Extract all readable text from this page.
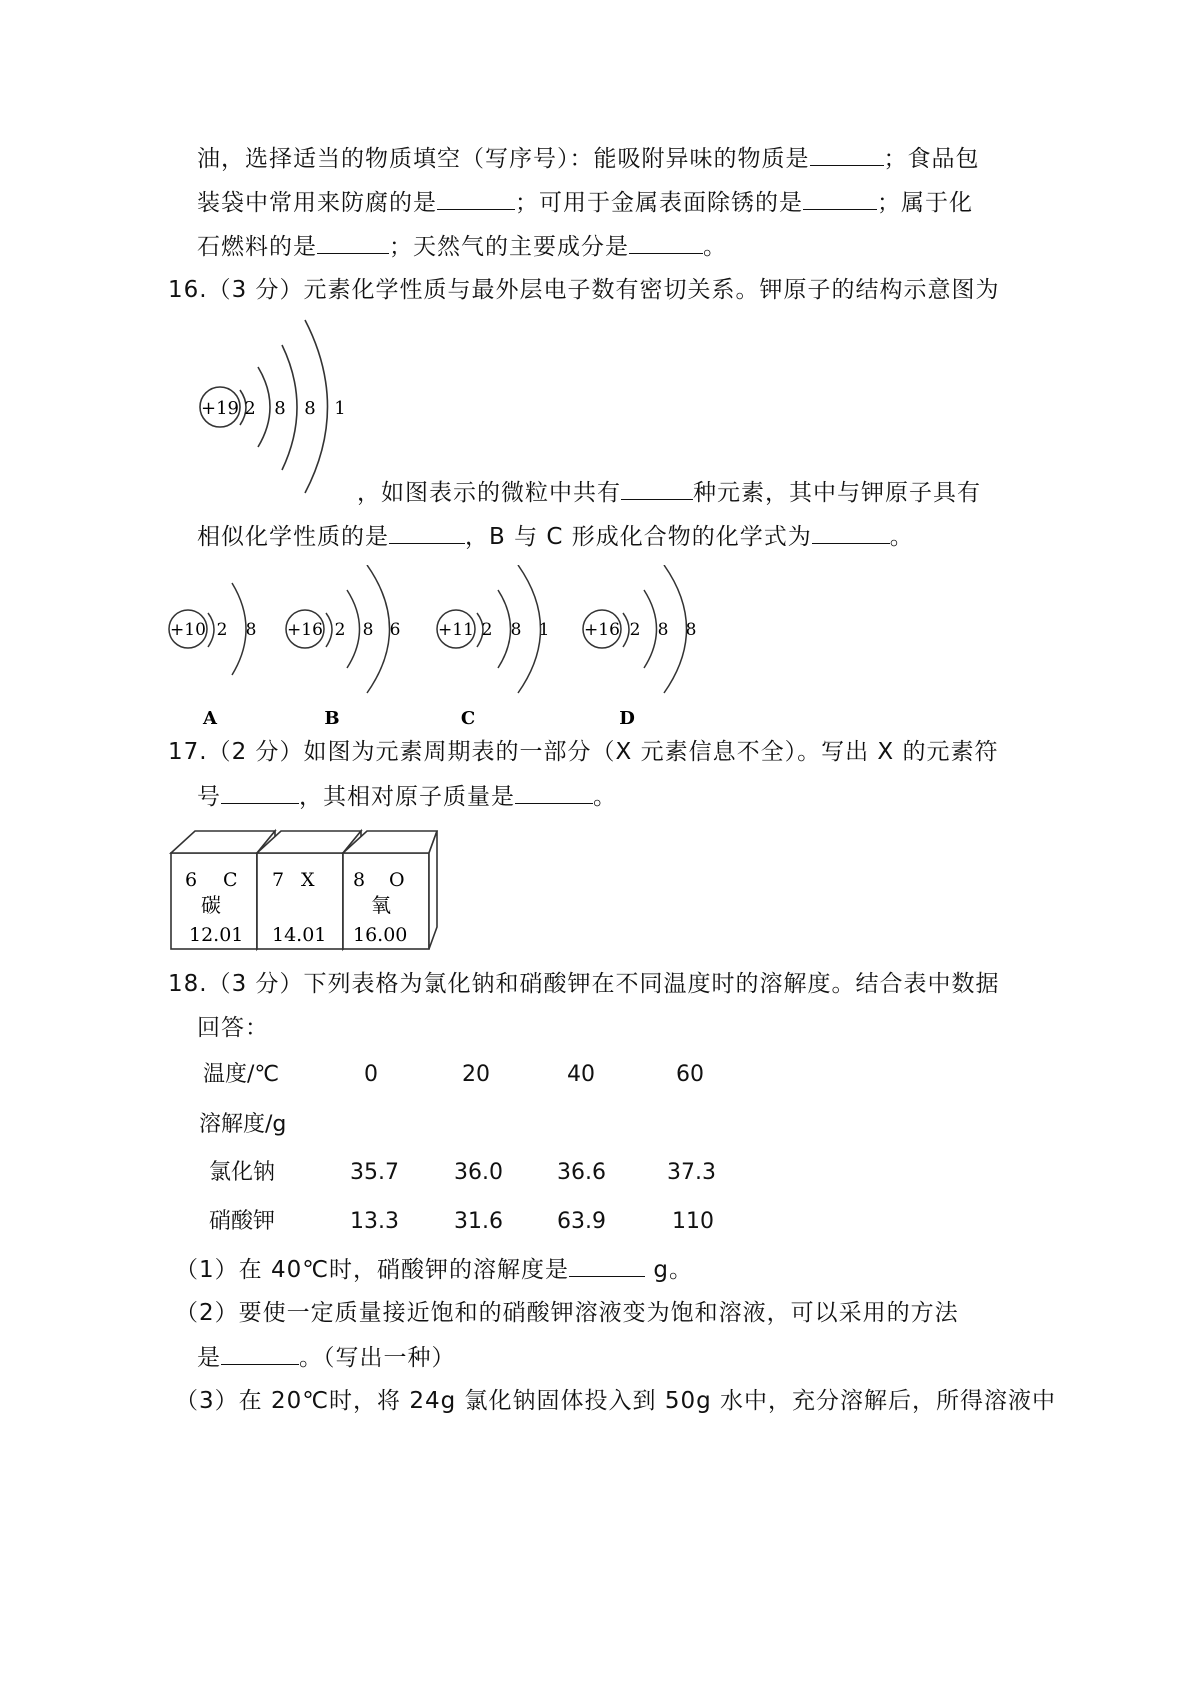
油，选择适当的物质填空（写序号）：能吸附异味的物质是	；食品包
装袋中常用来防腐的是	；可用于金属表面除锈的是	；属于化
石燃料的是	；天然气的主要成分是	。
16.（3 分）元素化学性质与最外层电子数有密切关系。钾原子的结构示意图为
+19 2 8 8 1
，如图表示的微粒中共有	种元素，其中与钾原子具有
相似化学性质的是	，B 与 C 形成化合物的化学式为	。
+10 2 8
A
+16 2 8 6
B
+11 2 8 1
C
+16 2 8 8
D
17.（2 分）如图为元素周期表的一部分（X 元素信息不全）。写出 X 的元素符
号	，其相对原子质量是	。
6 C
碳
12.01
7 X
14.01
8 O
氧
16.00
18.（3 分）下列表格为氯化钠和硝酸钾在不同温度时的溶解度。结合表中数据
回答：
温度/℃	0	20	40	60
溶解度/g
氯化钠	35.7	36.0 36.6	37.3
硝酸钾	13.3	31.6 63.9	110
（1）在 40℃时，硝酸钾的溶解度是	g。
（2）要使一定质量接近饱和的硝酸钾溶液变为饱和溶液，可以采用的方法
是	。（写出一种）
（3）在 20℃时，将 24g 氯化钠固体投入到 50g 水中，充分溶解后，所得溶液中
